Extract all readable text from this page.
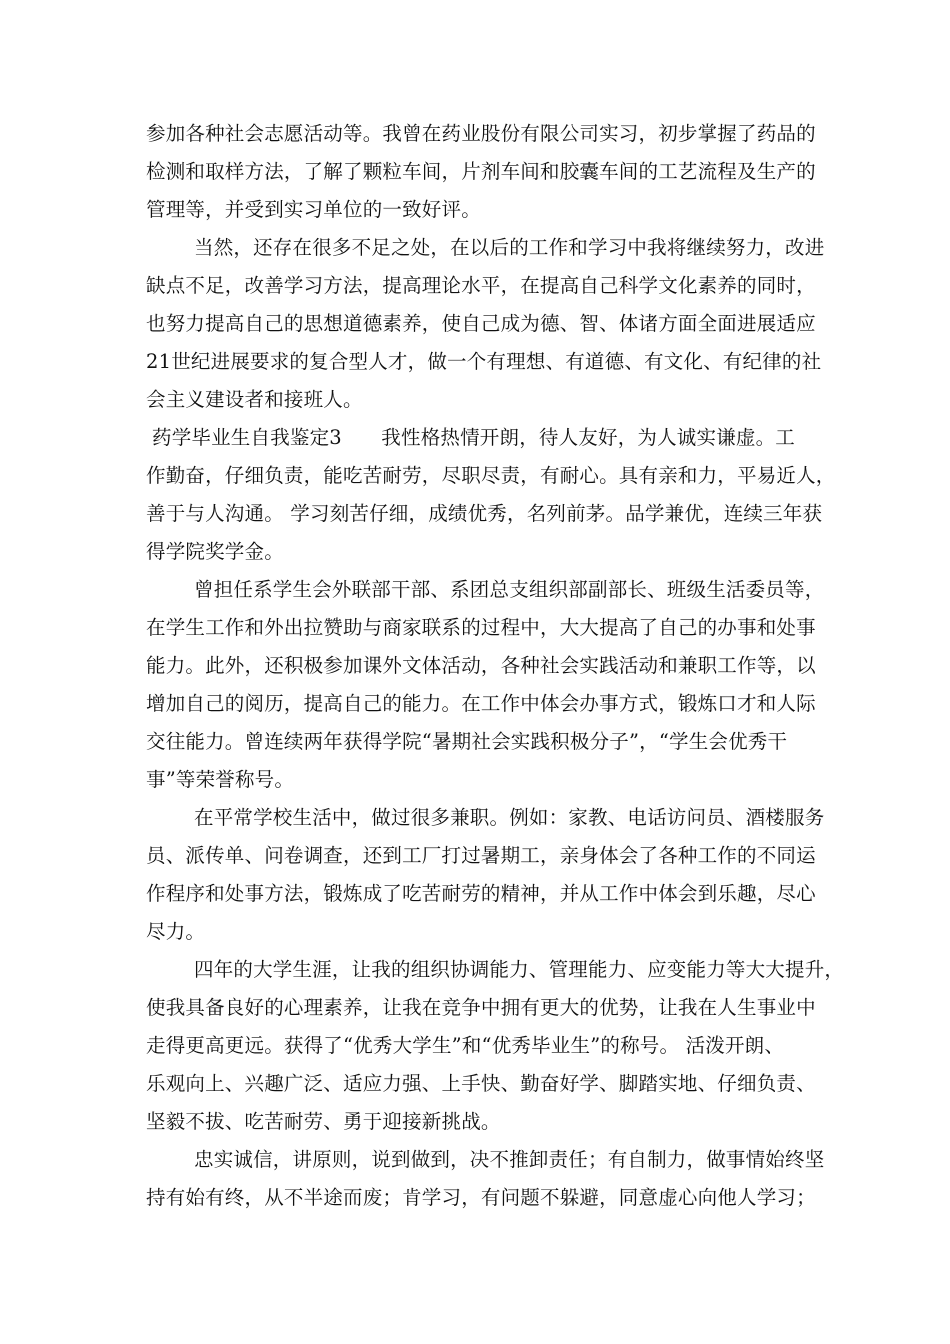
参加各种社会志愿活动等。我曾在药业股份有限公司实习，初步掌握了药品的
检测和取样方法，了解了颗粒车间，片剂车间和胶囊车间的工艺流程及生产的
管理等，并受到实习单位的一致好评。
当然，还存在很多不足之处，在以后的工作和学习中我将继续努力，改进
缺点不足，改善学习方法，提高理论水平，在提高自己科学文化素养的同时，
也努力提高自己的思想道德素养，使自己成为德、智、体诸方面全面进展适应
21世纪进展要求的复合型人才，做一个有理想、有道德、有文化、有纪律的社
会主义建设者和接班人。
药学毕业生自我鉴定3　　我性格热情开朗，待人友好，为人诚实谦虚。工
作勤奋，仔细负责，能吃苦耐劳，尽职尽责，有耐心。具有亲和力，平易近人，
善于与人沟通。 学习刻苦仔细，成绩优秀，名列前茅。品学兼优，连续三年获
得学院奖学金。
曾担任系学生会外联部干部、系团总支组织部副部长、班级生活委员等，
在学生工作和外出拉赞助与商家联系的过程中，大大提高了自己的办事和处事
能力。此外，还积极参加课外文体活动，各种社会实践活动和兼职工作等，以
增加自己的阅历，提高自己的能力。在工作中体会办事方式，锻炼口才和人际
交往能力。曾连续两年获得学院“暑期社会实践积极分子”，“学生会优秀干
事”等荣誉称号。
在平常学校生活中，做过很多兼职。例如：家教、电话访问员、酒楼服务
员、派传单、问卷调查，还到工厂打过暑期工，亲身体会了各种工作的不同运
作程序和处事方法，锻炼成了吃苦耐劳的精神，并从工作中体会到乐趣，尽心
尽力。
四年的大学生涯，让我的组织协调能力、管理能力、应变能力等大大提升，
使我具备良好的心理素养，让我在竞争中拥有更大的优势，让我在人生事业中
走得更高更远。获得了“优秀大学生”和“优秀毕业生”的称号。 活泼开朗、
乐观向上、兴趣广泛、适应力强、上手快、勤奋好学、脚踏实地、仔细负责、
坚毅不拔、吃苦耐劳、勇于迎接新挑战。
忠实诚信，讲原则，说到做到，决不推卸责任；有自制力，做事情始终坚
持有始有终，从不半途而废；肯学习，有问题不躲避，同意虚心向他人学习；
